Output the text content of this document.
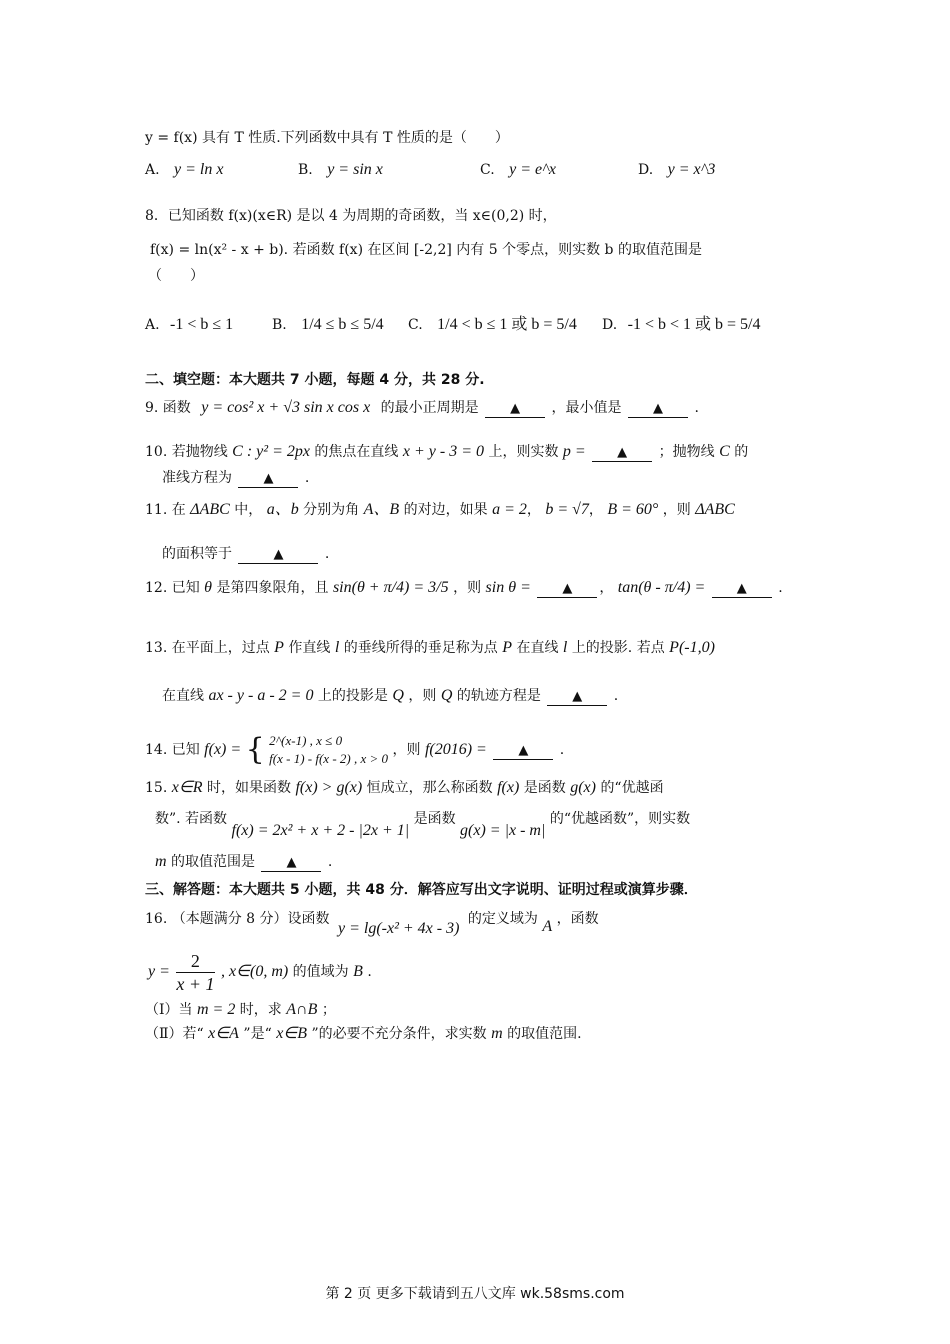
y = f(x) 具有 T 性质.下列函数中具有 T 性质的是（　　）
A. y = ln x	B. y = sin x	C. y = e^x	D. y = x^3
8．已知函数 f(x)(x∈R) 是以 4 为周期的奇函数，当 x∈(0,2) 时，
f(x) = ln(x² - x + b). 若函数 f(x) 在区间 [-2,2] 内有 5 个零点，则实数 b 的取值范围是
（　　）
A. -1 < b ≤ 1	B. 1/4 ≤ b ≤ 5/4 C. 1/4 < b ≤ 1 或 b = 5/4 D. -1 < b < 1 或 b = 5/4
二、填空题：本大题共 7 小题，每题 4 分，共 28 分.
9. 函数 y = cos² x + √3 sin x cos x 的最小正周期是 ▲ ，最小值是 ▲ .
10. 若抛物线 C : y² = 2px 的焦点在直线 x + y - 3 = 0 上，则实数 p = ▲ ；抛物线 C 的
准线方程为 ▲ .
11. 在 ΔABC 中， a、b 分别为角 A、B 的对边，如果 a = 2， b = √7， B = 60° ，则 ΔABC
的面积等于	▲	.
12. 已知 θ 是第四象限角，且 sin(θ + π/4) = 3/5 ，则 sin θ = ▲ ， tan(θ - π/4) = ▲ .
13. 在平面上，过点 P 作直线 l 的垂线所得的垂足称为点 P 在直线 l 上的投影. 若点 P(-1,0)
在直线 ax - y - a - 2 = 0 上的投影是 Q ，则 Q 的轨迹方程是 ▲ .
14. 已知 f(x) = { 2^(x-1) , x ≤ 0
f(x - 1) - f(x - 2) , x > 0
，则 f(2016) = ▲ .
15. x∈R 时，如果函数 f(x) > g(x) 恒成立，那么称函数 f(x) 是函数 g(x) 的“优越函
数”. 若函数 f(x) = 2x² + x + 2 - |2x + 1| 是函数 g(x) = |x - m| 的“优越函数”，则实数
m 的取值范围是 ▲ .
三、解答题：本大题共 5 小题，共 48 分．解答应写出文字说明、证明过程或演算步骤．
16. （本题满分 8 分）设函数 y = lg(-x² + 4x - 3) 的定义域为 A ，函数
$y = \frac{2}{x + 1}$ , x∈(0, m) 的值域为 B .
（Ⅰ）当 m = 2 时，求 A∩B ；
（Ⅱ）若“ x∈A ”是“ x∈B ”的必要不充分条件，求实数 m 的取值范围.
第 2 页 更多下载请到五八文库 wk.58sms.com
